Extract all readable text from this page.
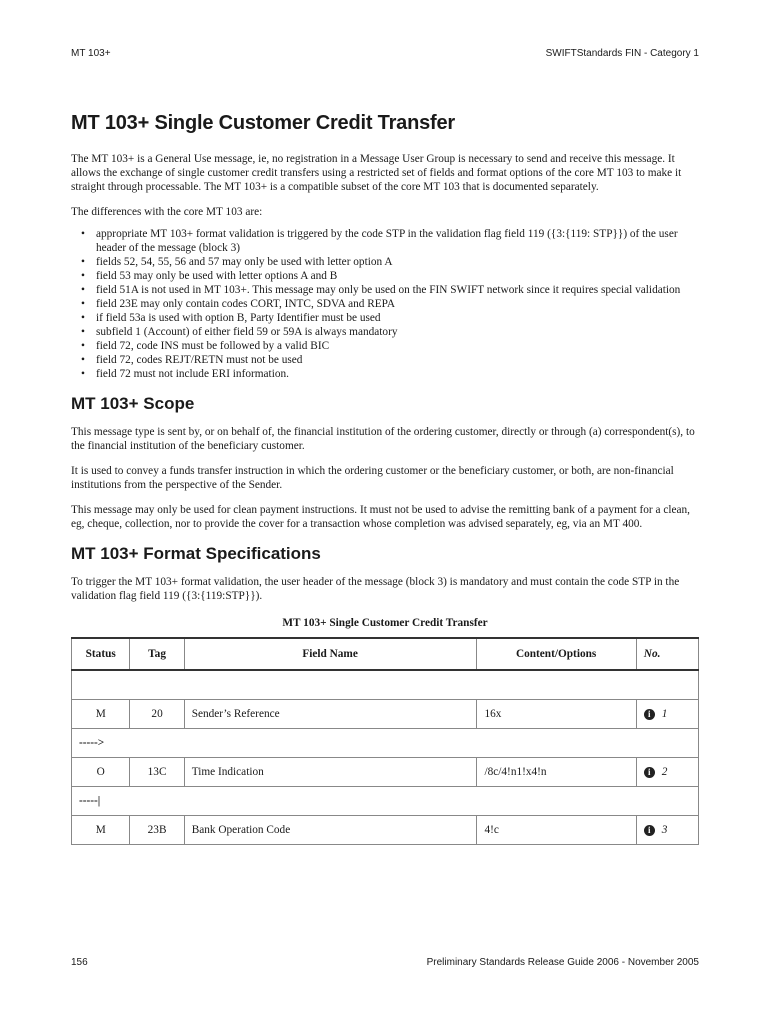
MT 103+	SWIFTStandards FIN - Category 1
MT 103+ Single Customer Credit Transfer

The MT 103+ is a General Use message, ie, no registration in a Message User Group is necessary to send and receive this message. It allows the exchange of single customer credit transfers using a restricted set of fields and format options of the core MT 103 to make it straight through processable. The MT 103+ is a compatible subset of the core MT 103 that is documented separately.

The differences with the core MT 103 are:

• appropriate MT 103+ format validation is triggered by the code STP in the validation flag field 119 ({3:{119: STP}}) of the user header of the message (block 3)
• fields 52, 54, 55, 56 and 57 may only be used with letter option A
• field 53 may only be used with letter options A and B
• field 51A is not used in MT 103+. This message may only be used on the FIN SWIFT network since it requires special validation
• field 23E may only contain codes CORT, INTC, SDVA and REPA
• if field 53a is used with option B, Party Identifier must be used
• subfield 1 (Account) of either field 59 or 59A is always mandatory
• field 72, code INS must be followed by a valid BIC
• field 72, codes REJT/RETN must not be used
• field 72 must not include ERI information.
MT 103+ Scope

This message type is sent by, or on behalf of, the financial institution of the ordering customer, directly or through (a) correspondent(s), to the financial institution of the beneficiary customer.

It is used to convey a funds transfer instruction in which the ordering customer or the beneficiary customer, or both, are non-financial institutions from the perspective of the Sender.

This message may only be used for clean payment instructions. It must not be used to advise the remitting bank of a payment for a clean, eg, cheque, collection, nor to provide the cover for a transaction whose completion was advised separately, eg, via an MT 400.

MT 103+ Format Specifications

To trigger the MT 103+ format validation, the user header of the message (block 3) is mandatory and must contain the code STP in the validation flag field 119 ({3:{119:STP}}).

MT 103+ Single Customer Credit Transfer
Status	Tag	Field Name	Content/Options	No.

M	20	Sender’s Reference	16x	i 1
----->				
O	13C	Time Indication	/8c/4!n1!x4!n	i 2
-----|				
M	23B	Bank Operation Code	4!c	i 3
156	Preliminary Standards Release Guide 2006 - November 2005
